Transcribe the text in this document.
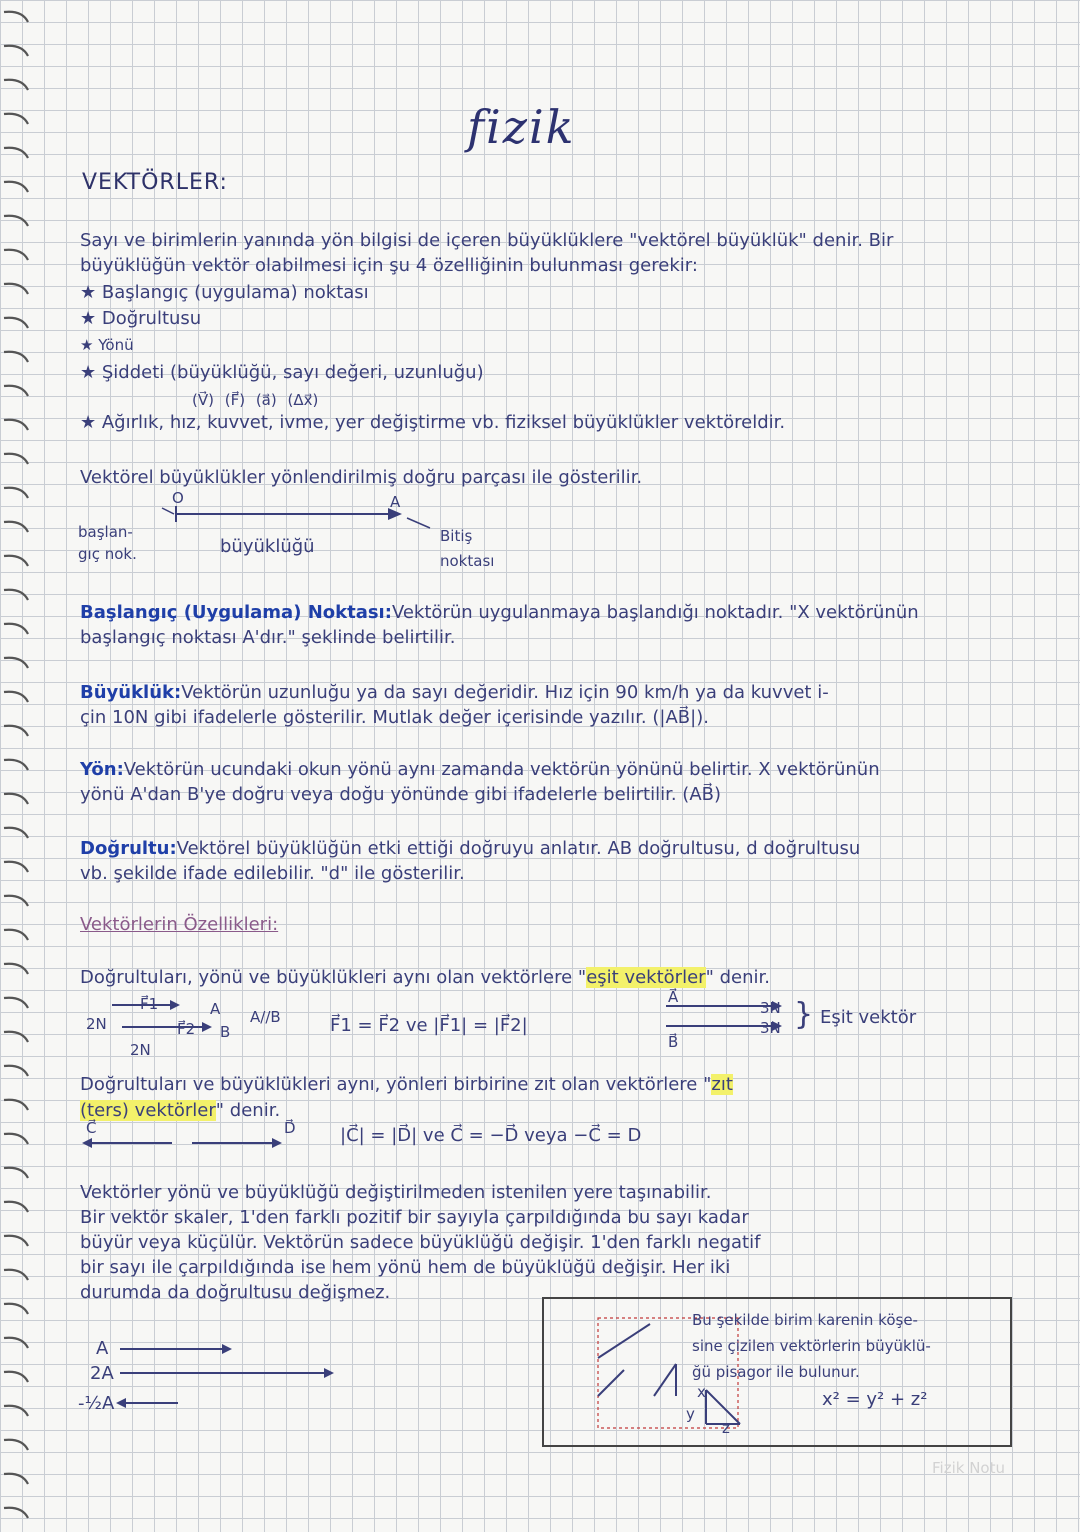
fizik
VEKTÖRLER:
Sayı ve birimlerin yanında yön bilgisi de içeren büyüklüklere "vektörel büyüklük" denir. Bir
büyüklüğün vektör olabilmesi için şu 4 özelliğinin bulunması gerekir:
★ Başlangıç (uygulama) noktası
★ Doğrultusu
★ Yönü
★ Şiddeti (büyüklüğü, sayı değeri, uzunluğu)
(V⃗) (F⃗) (a⃗) (Δx⃗)
★ Ağırlık, hız, kuvvet, ivme, yer değiştirme vb. fiziksel büyüklükler vektöreldir.
Vektörel büyüklükler yönlendirilmiş doğru parçası ile gösterilir.
O	A
başlan-
gıç nok.	büyüklüğü	Bitiş
noktası
Başlangıç (Uygulama) Noktası:Vektörün uygulanmaya başlandığı noktadır. "X vektörünün
başlangıç noktası A'dır." şeklinde belirtilir.
Büyüklük:Vektörün uzunluğu ya da sayı değeridir. Hız için 90 km/h ya da kuvvet i-
çin 10N gibi ifadelerle gösterilir. Mutlak değer içerisinde yazılır. (|AB⃗|).
Yön:Vektörün ucundaki okun yönü aynı zamanda vektörün yönünü belirtir. X vektörünün
yönü A'dan B'ye doğru veya doğu yönünde gibi ifadelerle belirtilir. (AB⃗)
Doğrultu:Vektörel büyüklüğün etki ettiği doğruyu anlatır. AB doğrultusu, d doğrultusu
vb. şekilde ifade edilebilir. "d" ile gösterilir.
Vektörlerin Özellikleri:
Doğrultuları, yönü ve büyüklükleri aynı olan vektörlere "eşit vektörler" denir.
F⃗1
F⃗2
A
B
2N
2N
A//B	F⃗1 = F⃗2 ve |F⃗1| = |F⃗2|
A⃗
B⃗
3N
3N } Eşit vektör
Doğrultuları ve büyüklükleri aynı, yönleri birbirine zıt olan vektörlere "zıt
(ters) vektörler" denir.
C⃗	D⃗ |C⃗| = |D⃗| ve C⃗ = −D⃗ veya −C⃗ = D
Vektörler yönü ve büyüklüğü değiştirilmeden istenilen yere taşınabilir.
Bir vektör skaler, 1'den farklı pozitif bir sayıyla çarpıldığında bu sayı kadar
büyür veya küçülür. Vektörün sadece büyüklüğü değişir. 1'den farklı negatif
bir sayı ile çarpıldığında ise hem yönü hem de büyüklüğü değişir. Her iki
durumda da doğrultusu değişmez.
A
2A
-½A
x
y
z
Bu şekilde birim karenin köşe-
sine çizilen vektörlerin büyüklü-
ğü pisagor ile bulunur.
x² = y² + z²
Fizik Notu
